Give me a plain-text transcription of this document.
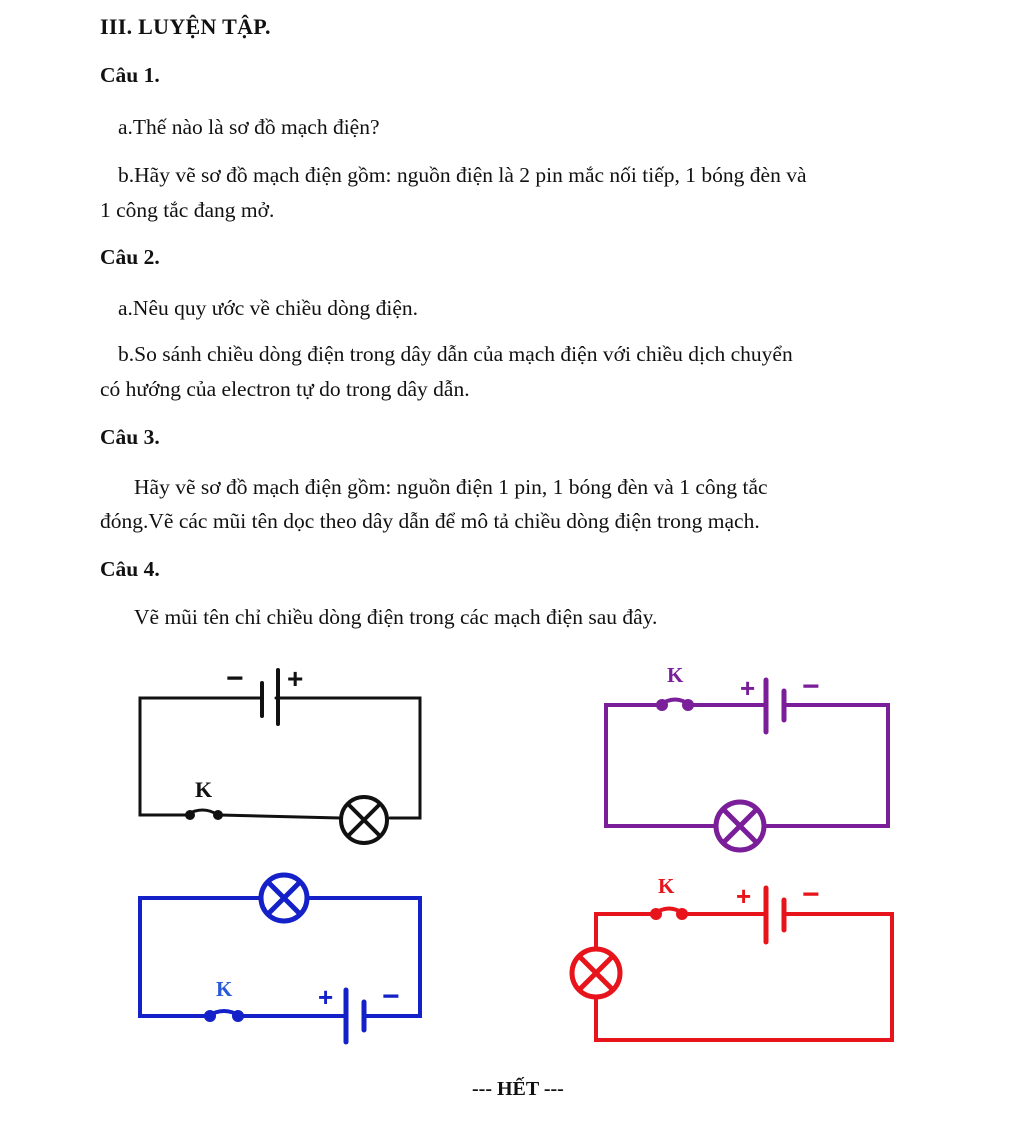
III. LUYỆN TẬP.
Câu 1.
a.Thế nào là sơ đồ mạch điện?
b.Hãy vẽ sơ đồ mạch điện gồm: nguồn điện là 2 pin mắc nối tiếp, 1 bóng đèn và
1 công tắc đang mở.
Câu 2.
a.Nêu quy ước về chiều dòng điện.
b.So sánh chiều dòng điện trong dây dẫn của mạch điện với chiều dịch chuyển
có hướng của electron tự do trong dây dẫn.
Câu 3.
Hãy vẽ sơ đồ mạch điện gồm: nguồn điện 1 pin, 1 bóng đèn và 1 công tắc
đóng.Vẽ các mũi tên dọc theo dây dẫn để mô tả chiều dòng điện trong mạch.
Câu 4.
Vẽ mũi tên chỉ chiều dòng điện trong các mạch điện sau đây.
K
− +	K + −
K	+ −
K + −
--- HẾT ---
